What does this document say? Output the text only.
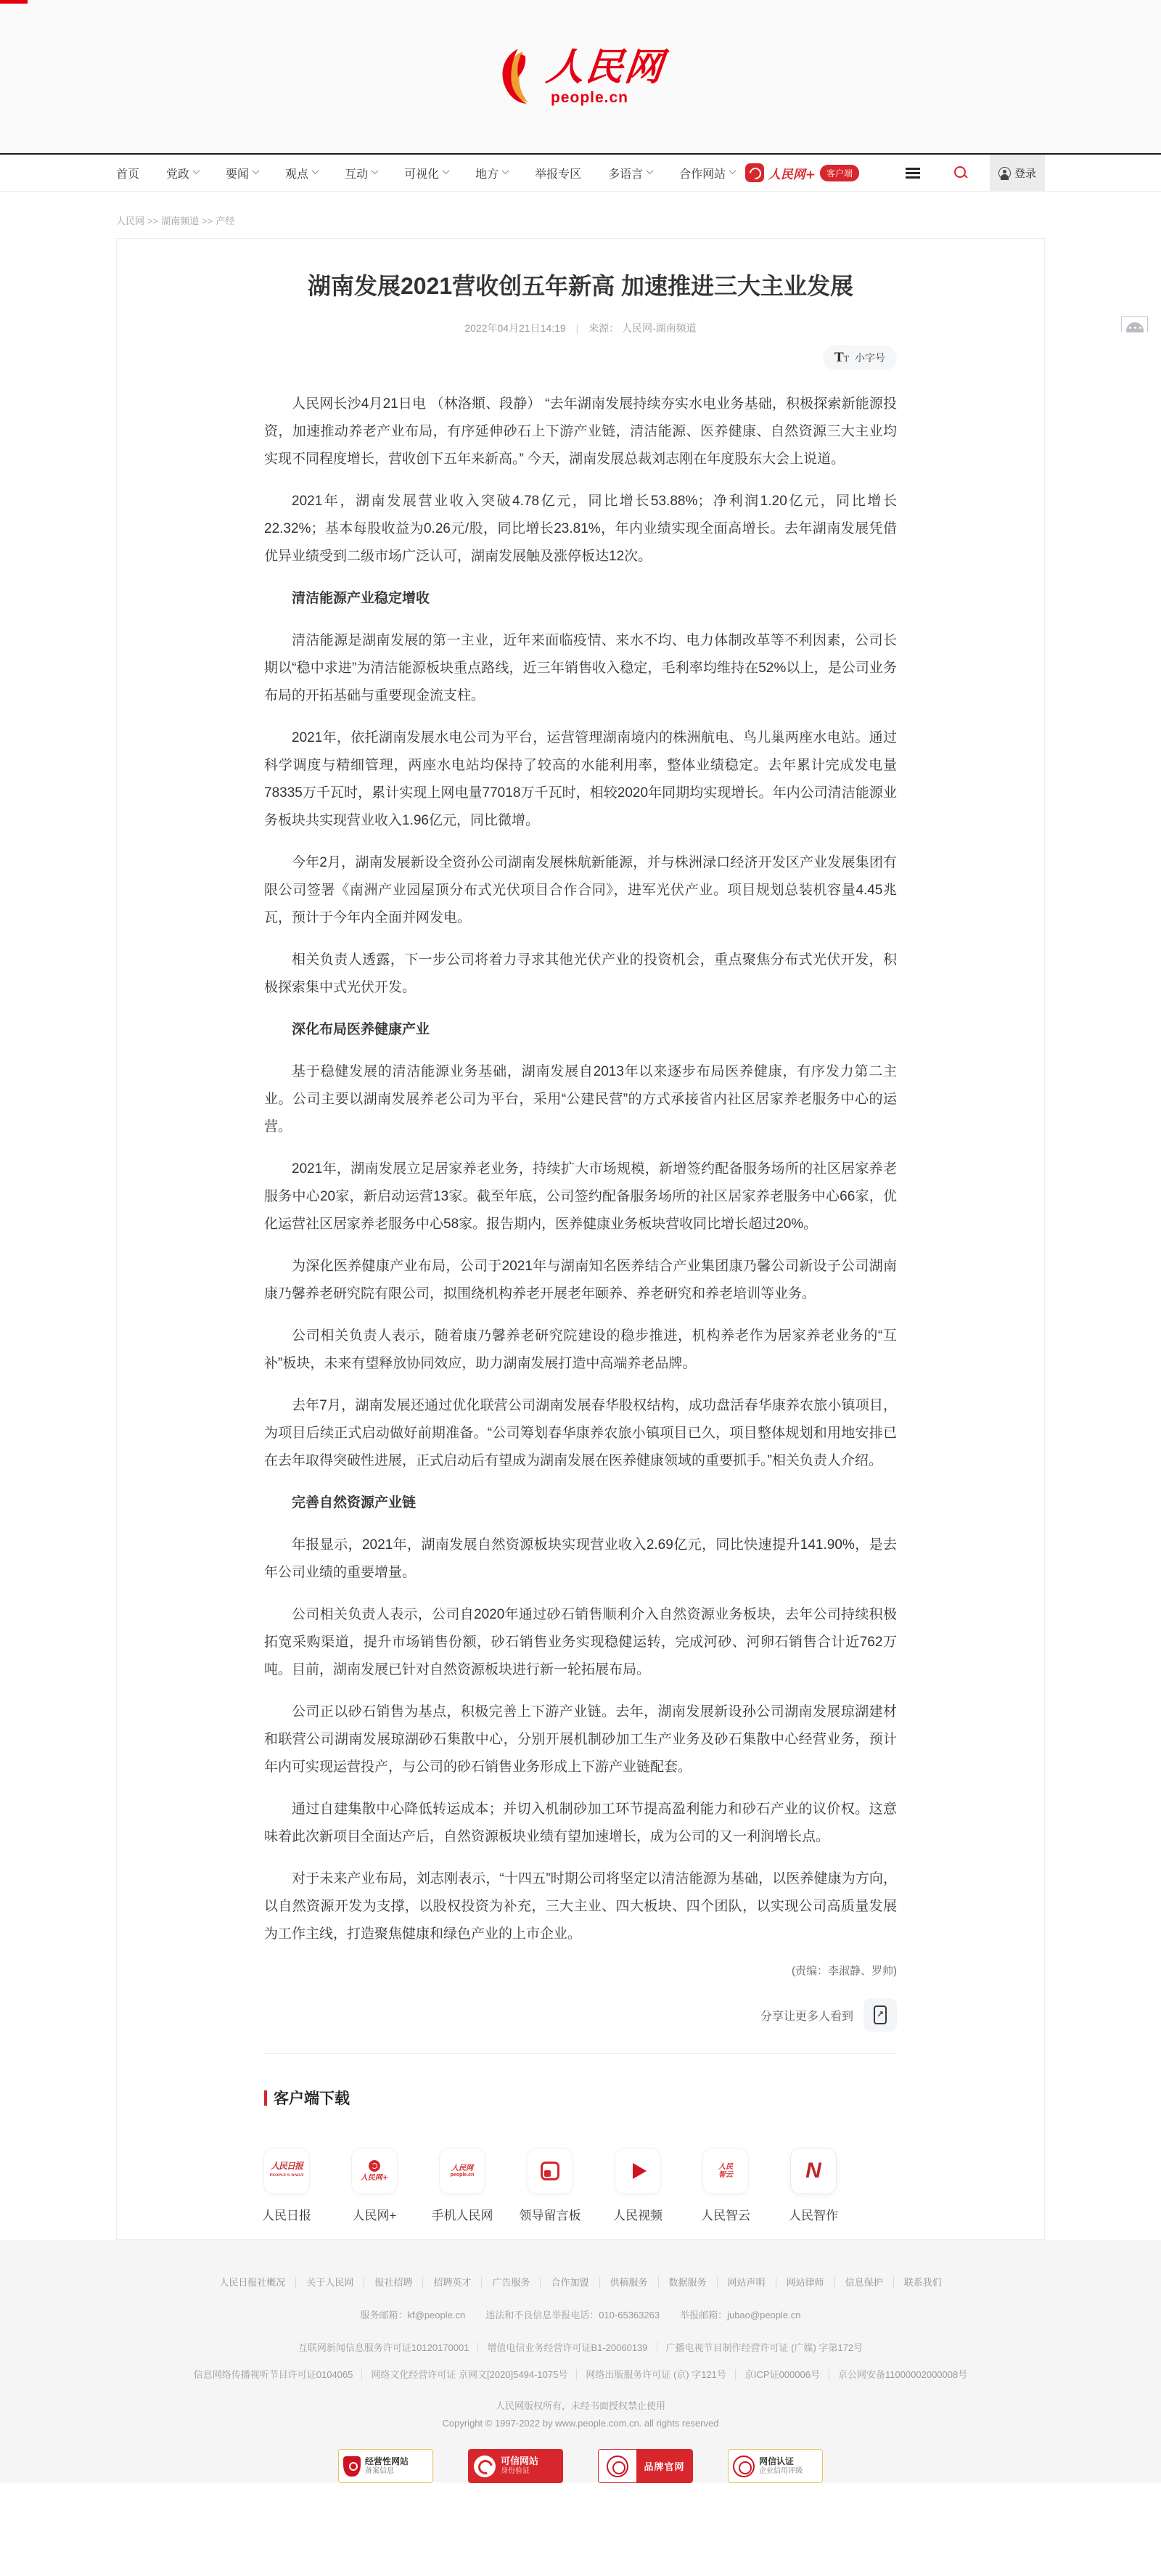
人民网
people.cn
首页 党政	要闻	观点	互动	可视化	地方	举报专区 多语言	合作网站	人民网+	客户端	登录
人民网 >> 湖南频道 >> 产经
湖南发展2021营收创五年新高 加速推进三大主业发展
2022年04月21日14:19 | 来源： 人民网-湖南频道
T T
小字号

人民网长沙4月21日电 （林洛頫、段静） “去年湖南发展持续夯实水电业务基础，积极探索新能源投资，加速推动养老产业布局，有序延伸砂石上下游产业链，清洁能源、医养健康、自然资源三大主业均实现不同程度增长，营收创下五年来新高。” 今天，湖南发展总裁刘志刚在年度股东大会上说道。

2021年，湖南发展营业收入突破4.78亿元，同比增长53.88%；净利润1.20亿元，同比增长22.32%；基本每股收益为0.26元/股，同比增长23.81%，年内业绩实现全面高增长。去年湖南发展凭借优异业绩受到二级市场广泛认可，湖南发展触及涨停板达12次。

清洁能源产业稳定增收

清洁能源是湖南发展的第一主业，近年来面临疫情、来水不均、电力体制改革等不利因素，公司长期以“稳中求进”为清洁能源板块重点路线，近三年销售收入稳定，毛利率均维持在52%以上，是公司业务布局的开拓基础与重要现金流支柱。

2021年，依托湖南发展水电公司为平台，运营管理湖南境内的株洲航电、鸟儿巢两座水电站。通过科学调度与精细管理，两座水电站均保持了较高的水能利用率，整体业绩稳定。去年累计完成发电量78335万千瓦时，累计实现上网电量77018万千瓦时，相较2020年同期均实现增长。年内公司清洁能源业务板块共实现营业收入1.96亿元，同比微增。

今年2月，湖南发展新设全资孙公司湖南发展株航新能源，并与株洲渌口经济开发区产业发展集团有限公司签署《南洲产业园屋顶分布式光伏项目合作合同》，进军光伏产业。项目规划总装机容量4.45兆瓦，预计于今年内全面并网发电。

相关负责人透露，下一步公司将着力寻求其他光伏产业的投资机会，重点聚焦分布式光伏开发，积极探索集中式光伏开发。

深化布局医养健康产业

基于稳健发展的清洁能源业务基础，湖南发展自2013年以来逐步布局医养健康，有序发力第二主业。公司主要以湖南发展养老公司为平台，采用“公建民营”的方式承接省内社区居家养老服务中心的运营。

2021年，湖南发展立足居家养老业务，持续扩大市场规模，新增签约配备服务场所的社区居家养老服务中心20家，新启动运营13家。截至年底，公司签约配备服务场所的社区居家养老服务中心66家，优化运营社区居家养老服务中心58家。报告期内，医养健康业务板块营收同比增长超过20%。

为深化医养健康产业布局，公司于2021年与湖南知名医养结合产业集团康乃馨公司新设子公司湖南康乃馨养老研究院有限公司，拟围绕机构养老开展老年颐养、养老研究和养老培训等业务。

公司相关负责人表示，随着康乃馨养老研究院建设的稳步推进，机构养老作为居家养老业务的“互补”板块，未来有望释放协同效应，助力湖南发展打造中高端养老品牌。

去年7月，湖南发展还通过优化联营公司湖南发展春华股权结构，成功盘活春华康养农旅小镇项目，为项目后续正式启动做好前期准备。“公司筹划春华康养农旅小镇项目已久，项目整体规划和用地安排已在去年取得突破性进展，正式启动后有望成为湖南发展在医养健康领域的重要抓手。”相关负责人介绍。

完善自然资源产业链

年报显示，2021年，湖南发展自然资源板块实现营业收入2.69亿元，同比快速提升141.90%，是去年公司业绩的重要增量。

公司相关负责人表示，公司自2020年通过砂石销售顺利介入自然资源业务板块，去年公司持续积极拓宽采购渠道，提升市场销售份额，砂石销售业务实现稳健运转，完成河砂、河卵石销售合计近762万吨。目前，湖南发展已针对自然资源板块进行新一轮拓展布局。

公司正以砂石销售为基点，积极完善上下游产业链。去年，湖南发展新设孙公司湖南发展琼湖建材和联营公司湖南发展琼湖砂石集散中心，分别开展机制砂加工生产业务及砂石集散中心经营业务，预计年内可实现运营投产，与公司的砂石销售业务形成上下游产业链配套。

通过自建集散中心降低转运成本；并切入机制砂加工环节提高盈利能力和砂石产业的议价权。这意味着此次新项目全面达产后，自然资源板块业绩有望加速增长，成为公司的又一利润增长点。

对于未来产业布局，刘志刚表示，“十四五”时期公司将坚定以清洁能源为基础，以医养健康为方向，以自然资源开发为支撑，以股权投资为补充，三大主业、四大板块、四个团队，以实现公司高质量发展为工作主线，打造聚焦健康和绿色产业的上市企业。

(责编：李淑静、罗帅)
分享让更多人看到
↗
客户端下载
人民日报
PEOPLE'S DAILY
人民日报
人民网+
人民网+
人民网
people.cn
手机人民网 领导留言板	人民视频
人民
智云
人民智云
N
人民智作
人民日报社概况 关于人民网 报社招聘 招聘英才 广告服务 合作加盟 供稿服务 数据服务 网站声明 网站律师 信息保护 联系我们
服务邮箱：kf@people.cn 违法和不良信息举报电话：010-65363263 举报邮箱：jubao@people.cn
互联网新闻信息服务许可证10120170001 增值电信业务经营许可证B1-20060139 广播电视节目制作经营许可证 (广媒) 字第172号
信息网络传播视听节目许可证0104065 网络文化经营许可证 京网文[2020]5494-1075号 网络出版服务许可证 (京) 字121号 京ICP证000006号 京公网安备11000002000008号
人民网版权所有，未经书面授权禁止使用
Copyright © 1997-2022 by www.people.com.cn. all rights reserved
经营性网站
备案信息
可信网站
身份验证	品牌官网
网信认证
企业信用评级
